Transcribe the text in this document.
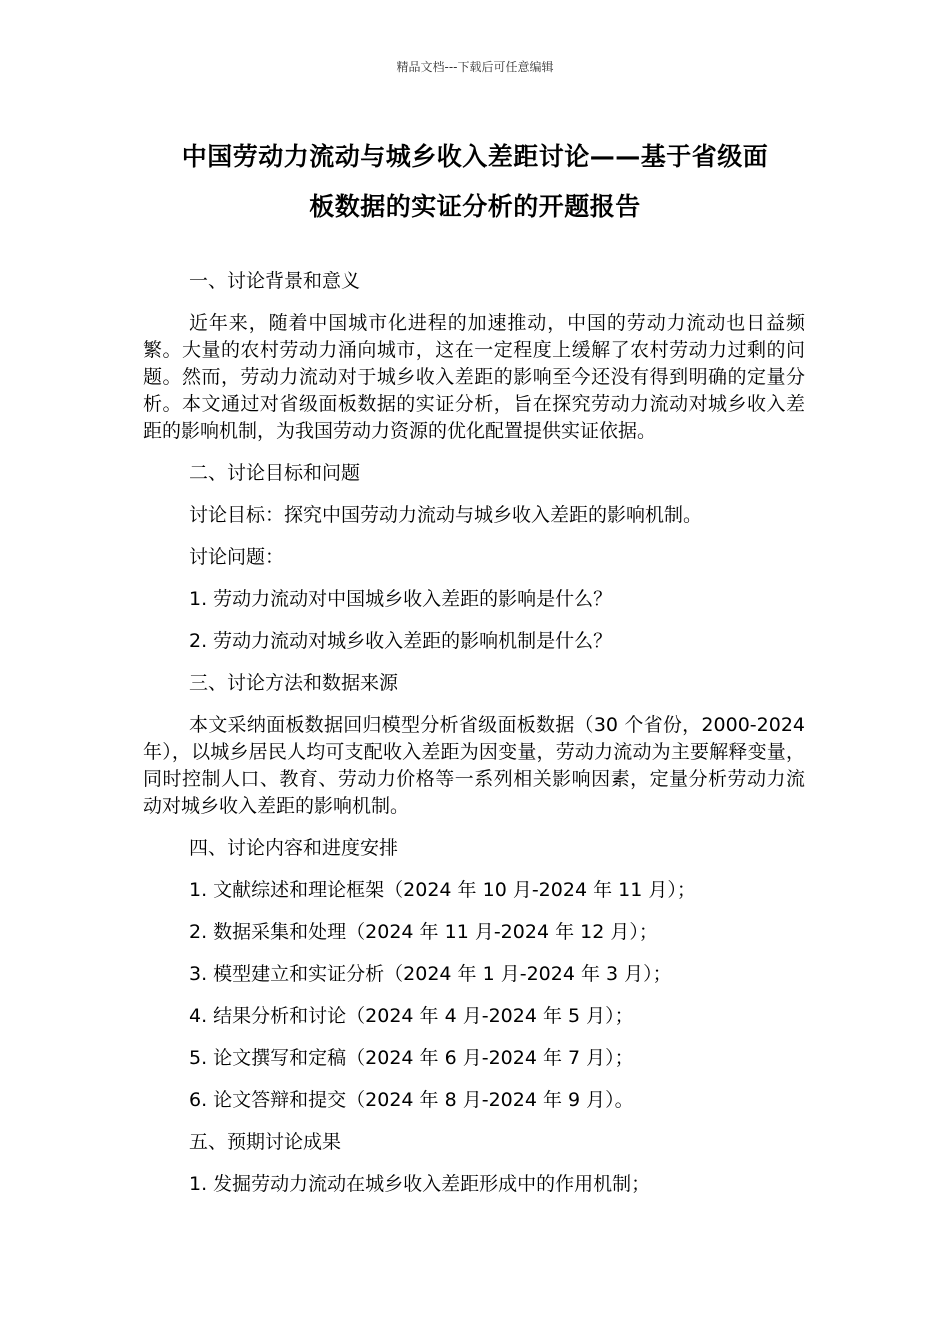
精品文档---下载后可任意编辑
中国劳动力流动与城乡收入差距讨论——基于省级面
板数据的实证分析的开题报告

一、讨论背景和意义

近年来，随着中国城市化进程的加速推动，中国的劳动力流动也日益频繁。大量的农村劳动力涌向城市，这在一定程度上缓解了农村劳动力过剩的问题。然而，劳动力流动对于城乡收入差距的影响至今还没有得到明确的定量分析。本文通过对省级面板数据的实证分析，旨在探究劳动力流动对城乡收入差距的影响机制，为我国劳动力资源的优化配置提供实证依据。

二、讨论目标和问题

讨论目标：探究中国劳动力流动与城乡收入差距的影响机制。

讨论问题：

1. 劳动力流动对中国城乡收入差距的影响是什么？

2. 劳动力流动对城乡收入差距的影响机制是什么？

三、讨论方法和数据来源

本文采纳面板数据回归模型分析省级面板数据（30 个省份，2000-2024 年），以城乡居民人均可支配收入差距为因变量，劳动力流动为主要解释变量，同时控制人口、教育、劳动力价格等一系列相关影响因素，定量分析劳动力流动对城乡收入差距的影响机制。

四、讨论内容和进度安排

1. 文献综述和理论框架（2024 年 10 月-2024 年 11 月）；

2. 数据采集和处理（2024 年 11 月-2024 年 12 月）；

3. 模型建立和实证分析（2024 年 1 月-2024 年 3 月）；

4. 结果分析和讨论（2024 年 4 月-2024 年 5 月）；

5. 论文撰写和定稿（2024 年 6 月-2024 年 7 月）；

6. 论文答辩和提交（2024 年 8 月-2024 年 9 月）。

五、预期讨论成果

1. 发掘劳动力流动在城乡收入差距形成中的作用机制；
